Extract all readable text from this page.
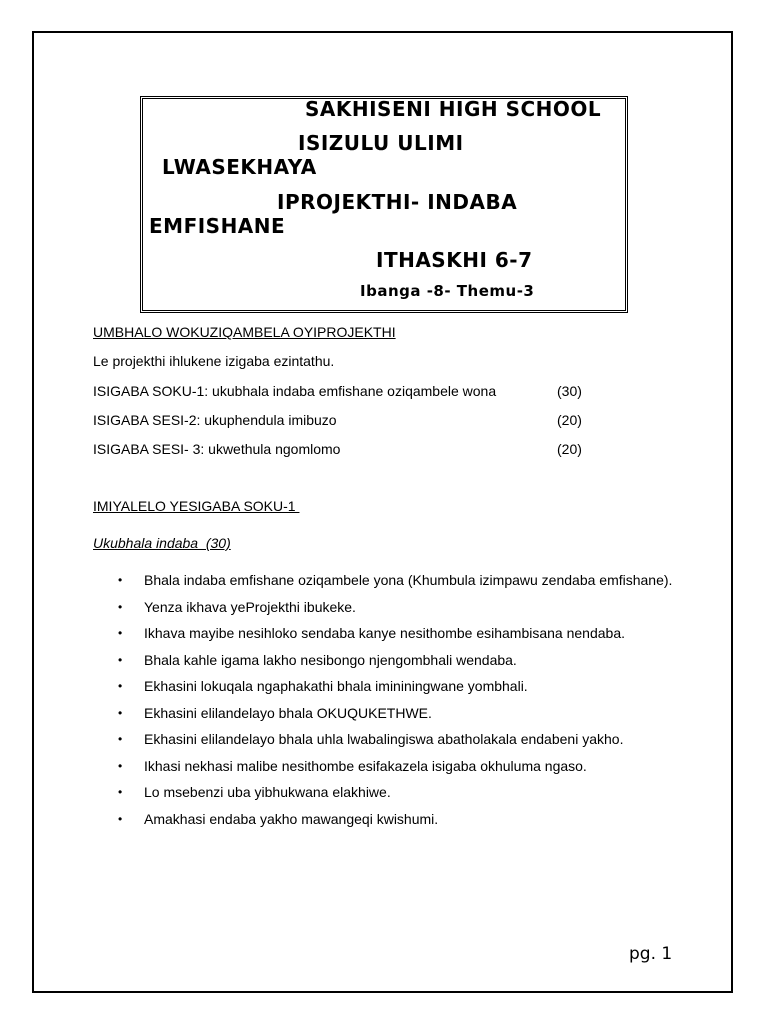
SAKHISENI HIGH SCHOOL
ISIZULU ULIMI
LWASEKHAYA
IPROJEKTHI- INDABA
EMFISHANE
ITHASKHI 6-7
Ibanga -8- Themu-3
UMBHALO WOKUZIQAMBELA OYIPROJEKTHI
Le projekthi ihlukene izigaba ezintathu.
ISIGABA SOKU-1: ukubhala indaba emfishane oziqambele wona	(30)
ISIGABA SESI-2: ukuphendula imibuzo	(20)
ISIGABA SESI- 3: ukwethula ngomlomo	(20)
IMIYALELO YESIGABA SOKU-1
Ukubhala indaba  (30)
• Bhala indaba emfishane oziqambele yona (Khumbula izimpawu zendaba emfishane).
• Yenza ikhava yeProjekthi ibukeke.
• Ikhava mayibe nesihloko sendaba kanye nesithombe esihambisana nendaba.
• Bhala kahle igama lakho nesibongo njengombhali wendaba.
• Ekhasini lokuqala ngaphakathi bhala imininingwane yombhali.
• Ekhasini elilandelayo bhala OKUQUKETHWE.
• Ekhasini elilandelayo bhala uhla lwabalingiswa abatholakala endabeni yakho.
• Ikhasi nekhasi malibe nesithombe esifakazela isigaba okhuluma ngaso.
• Lo msebenzi uba yibhukwana elakhiwe.
• Amakhasi endaba yakho mawangeqi kwishumi.
pg. 1
